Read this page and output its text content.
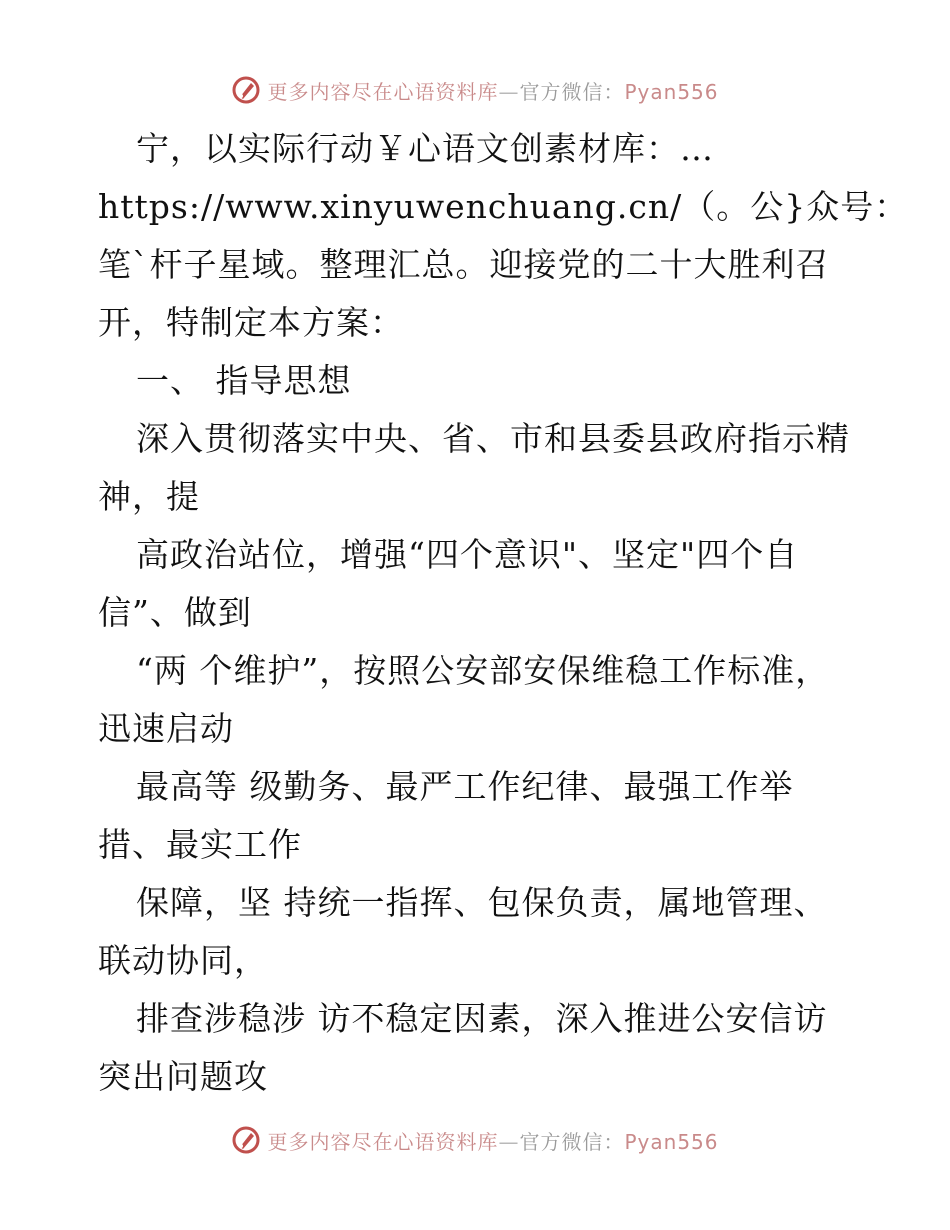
更多内容尽在心语资料库—官方微信：Pyan556
宁，以实际行动￥心语文创素材库：…
https://www.xinyuwenchuang.cn/（。公}众号：
笔`杆子星域。整理汇总。迎接党的二十大胜利召
开，特制定本方案：
一、 指导思想
深入贯彻落实中央、省、市和县委县政府指示精
神，提
高政治站位，增强“四个意识"、坚定"四个自
信”、做到
“两 个维护”，按照公安部安保维稳工作标准，
迅速启动
最高等 级勤务、最严工作纪律、最强工作举
措、最实工作
保障，坚 持统一指挥、包保负责，属地管理、
联动协同，
排查涉稳涉 访不稳定因素，深入推进公安信访
突出问题攻
更多内容尽在心语资料库—官方微信：Pyan556
